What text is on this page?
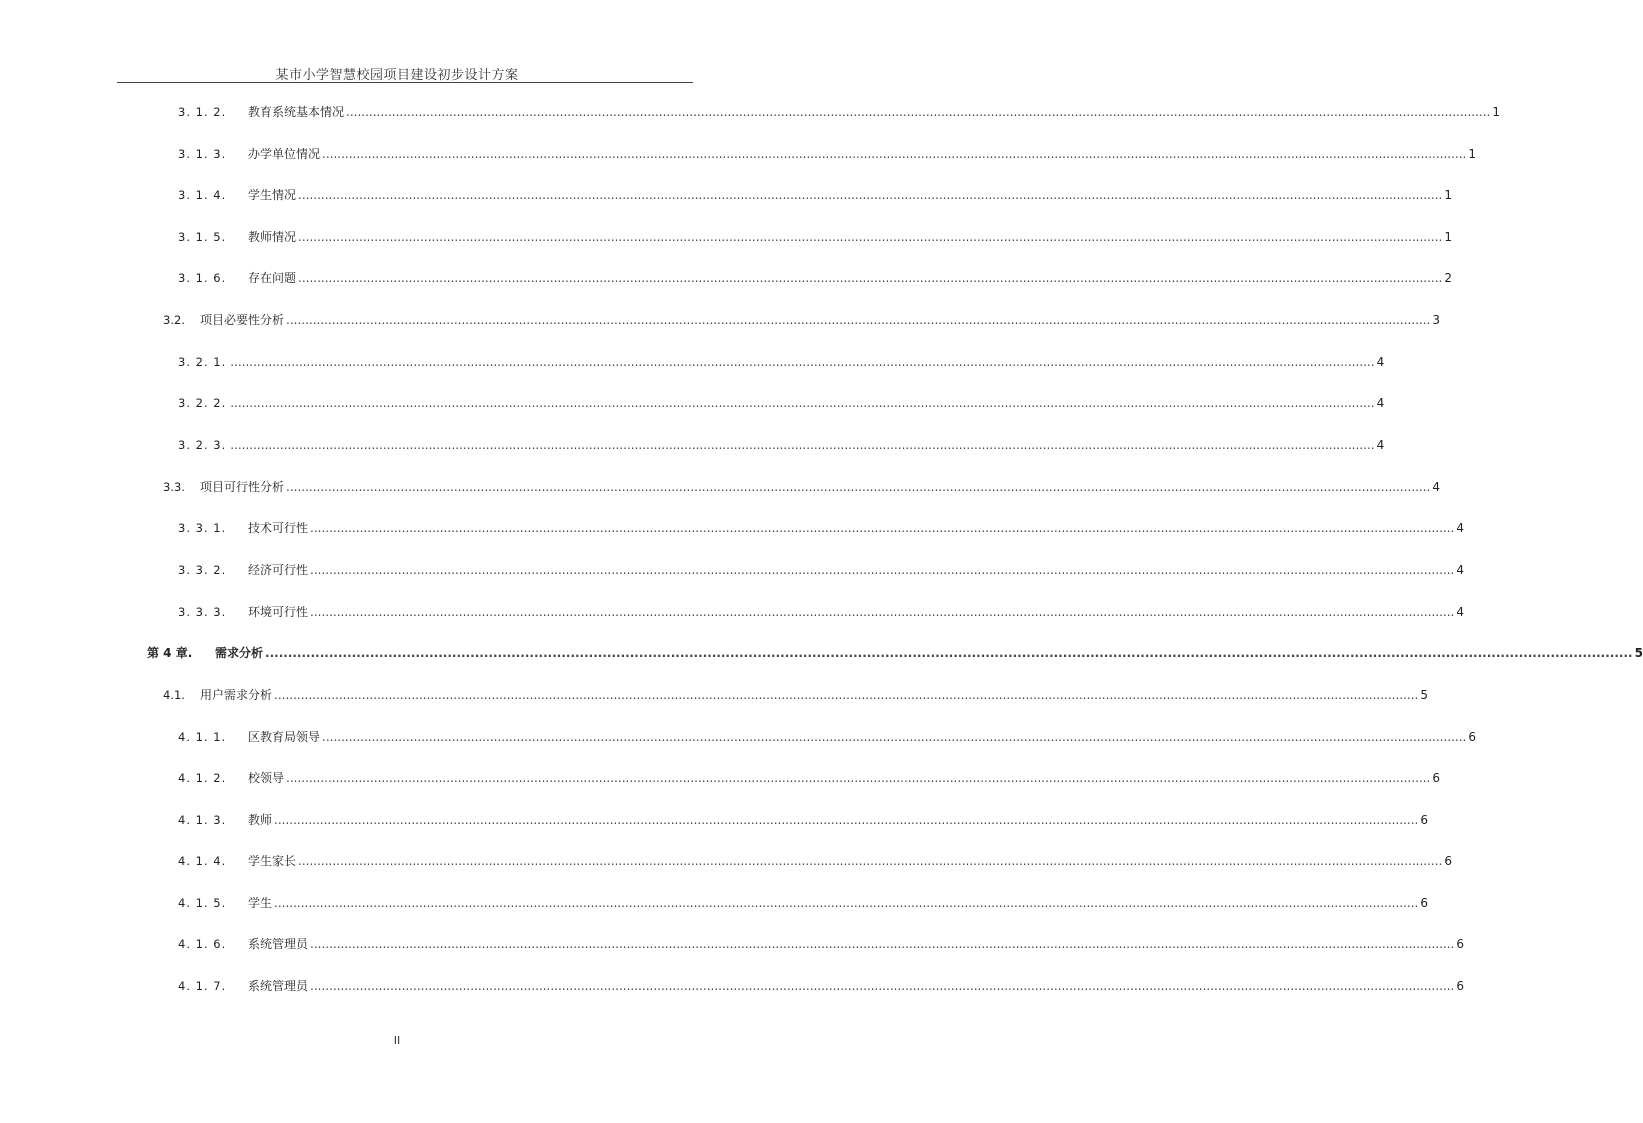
某市小学智慧校园项目建设初步设计方案
3. 1. 2.	教育系统基本情况 ............................................................................................................................................................................................................................................................................................................ 1
3. 1. 3.	办学单位情况 ............................................................................................................................................................................................................................................................................................................ 1
3. 1. 4.	学生情况 ............................................................................................................................................................................................................................................................................................................ 1
3. 1. 5.	教师情况 ............................................................................................................................................................................................................................................................................................................ 1
3. 1. 6.	存在问题 ............................................................................................................................................................................................................................................................................................................ 2
3.2.	项目必要性分析 ............................................................................................................................................................................................................................................................................................................ 3
3. 2. 1. ............................................................................................................................................................................................................................................................................................................ 4
3. 2. 2. ............................................................................................................................................................................................................................................................................................................ 4
3. 2. 3. ............................................................................................................................................................................................................................................................................................................ 4
3.3.	项目可行性分析 ............................................................................................................................................................................................................................................................................................................ 4
3. 3. 1.	技术可行性 ............................................................................................................................................................................................................................................................................................................ 4
3. 3. 2.	经济可行性 ............................................................................................................................................................................................................................................................................................................ 4
3. 3. 3.	环境可行性 ............................................................................................................................................................................................................................................................................................................ 4
第 4 章.	需求分析 ............................................................................................................................................................................................................................................................................................................ 5
4.1.	用户需求分析 ............................................................................................................................................................................................................................................................................................................ 5
4. 1. 1.	区教育局领导 ............................................................................................................................................................................................................................................................................................................ 6
4. 1. 2.	校领导 ............................................................................................................................................................................................................................................................................................................ 6
4. 1. 3.	教师 ............................................................................................................................................................................................................................................................................................................ 6
4. 1. 4.	学生家长 ............................................................................................................................................................................................................................................................................................................ 6
4. 1. 5.	学生 ............................................................................................................................................................................................................................................................................................................ 6
4. 1. 6.	系统管理员 ............................................................................................................................................................................................................................................................................................................ 6
4. 1. 7.	系统管理员 ............................................................................................................................................................................................................................................................................................................ 6
II
